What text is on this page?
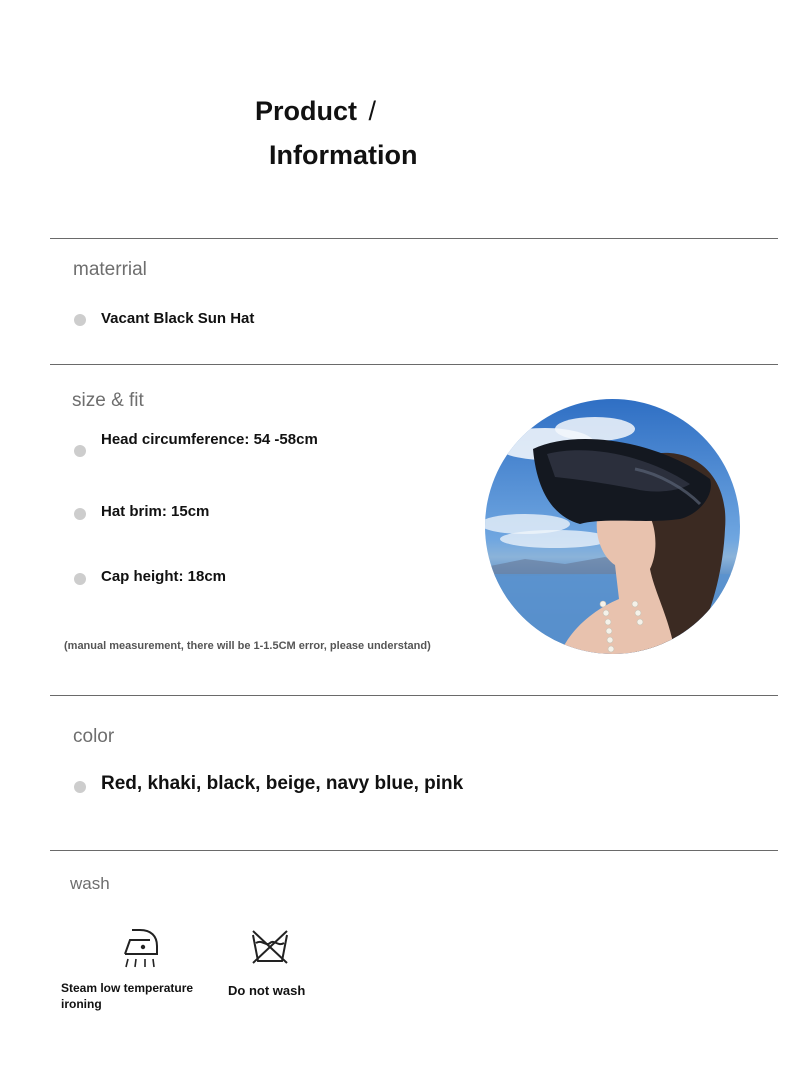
Product /
Information
materrial
Vacant Black Sun Hat
size & fit
Head circumference: 54 -58cm
Hat brim: 15cm
Cap height: 18cm
(manual measurement, there will be 1-1.5CM error, please understand)
color
Red, khaki, black, beige, navy blue, pink
wash
Steam low temperature
ironing
Do not wash
